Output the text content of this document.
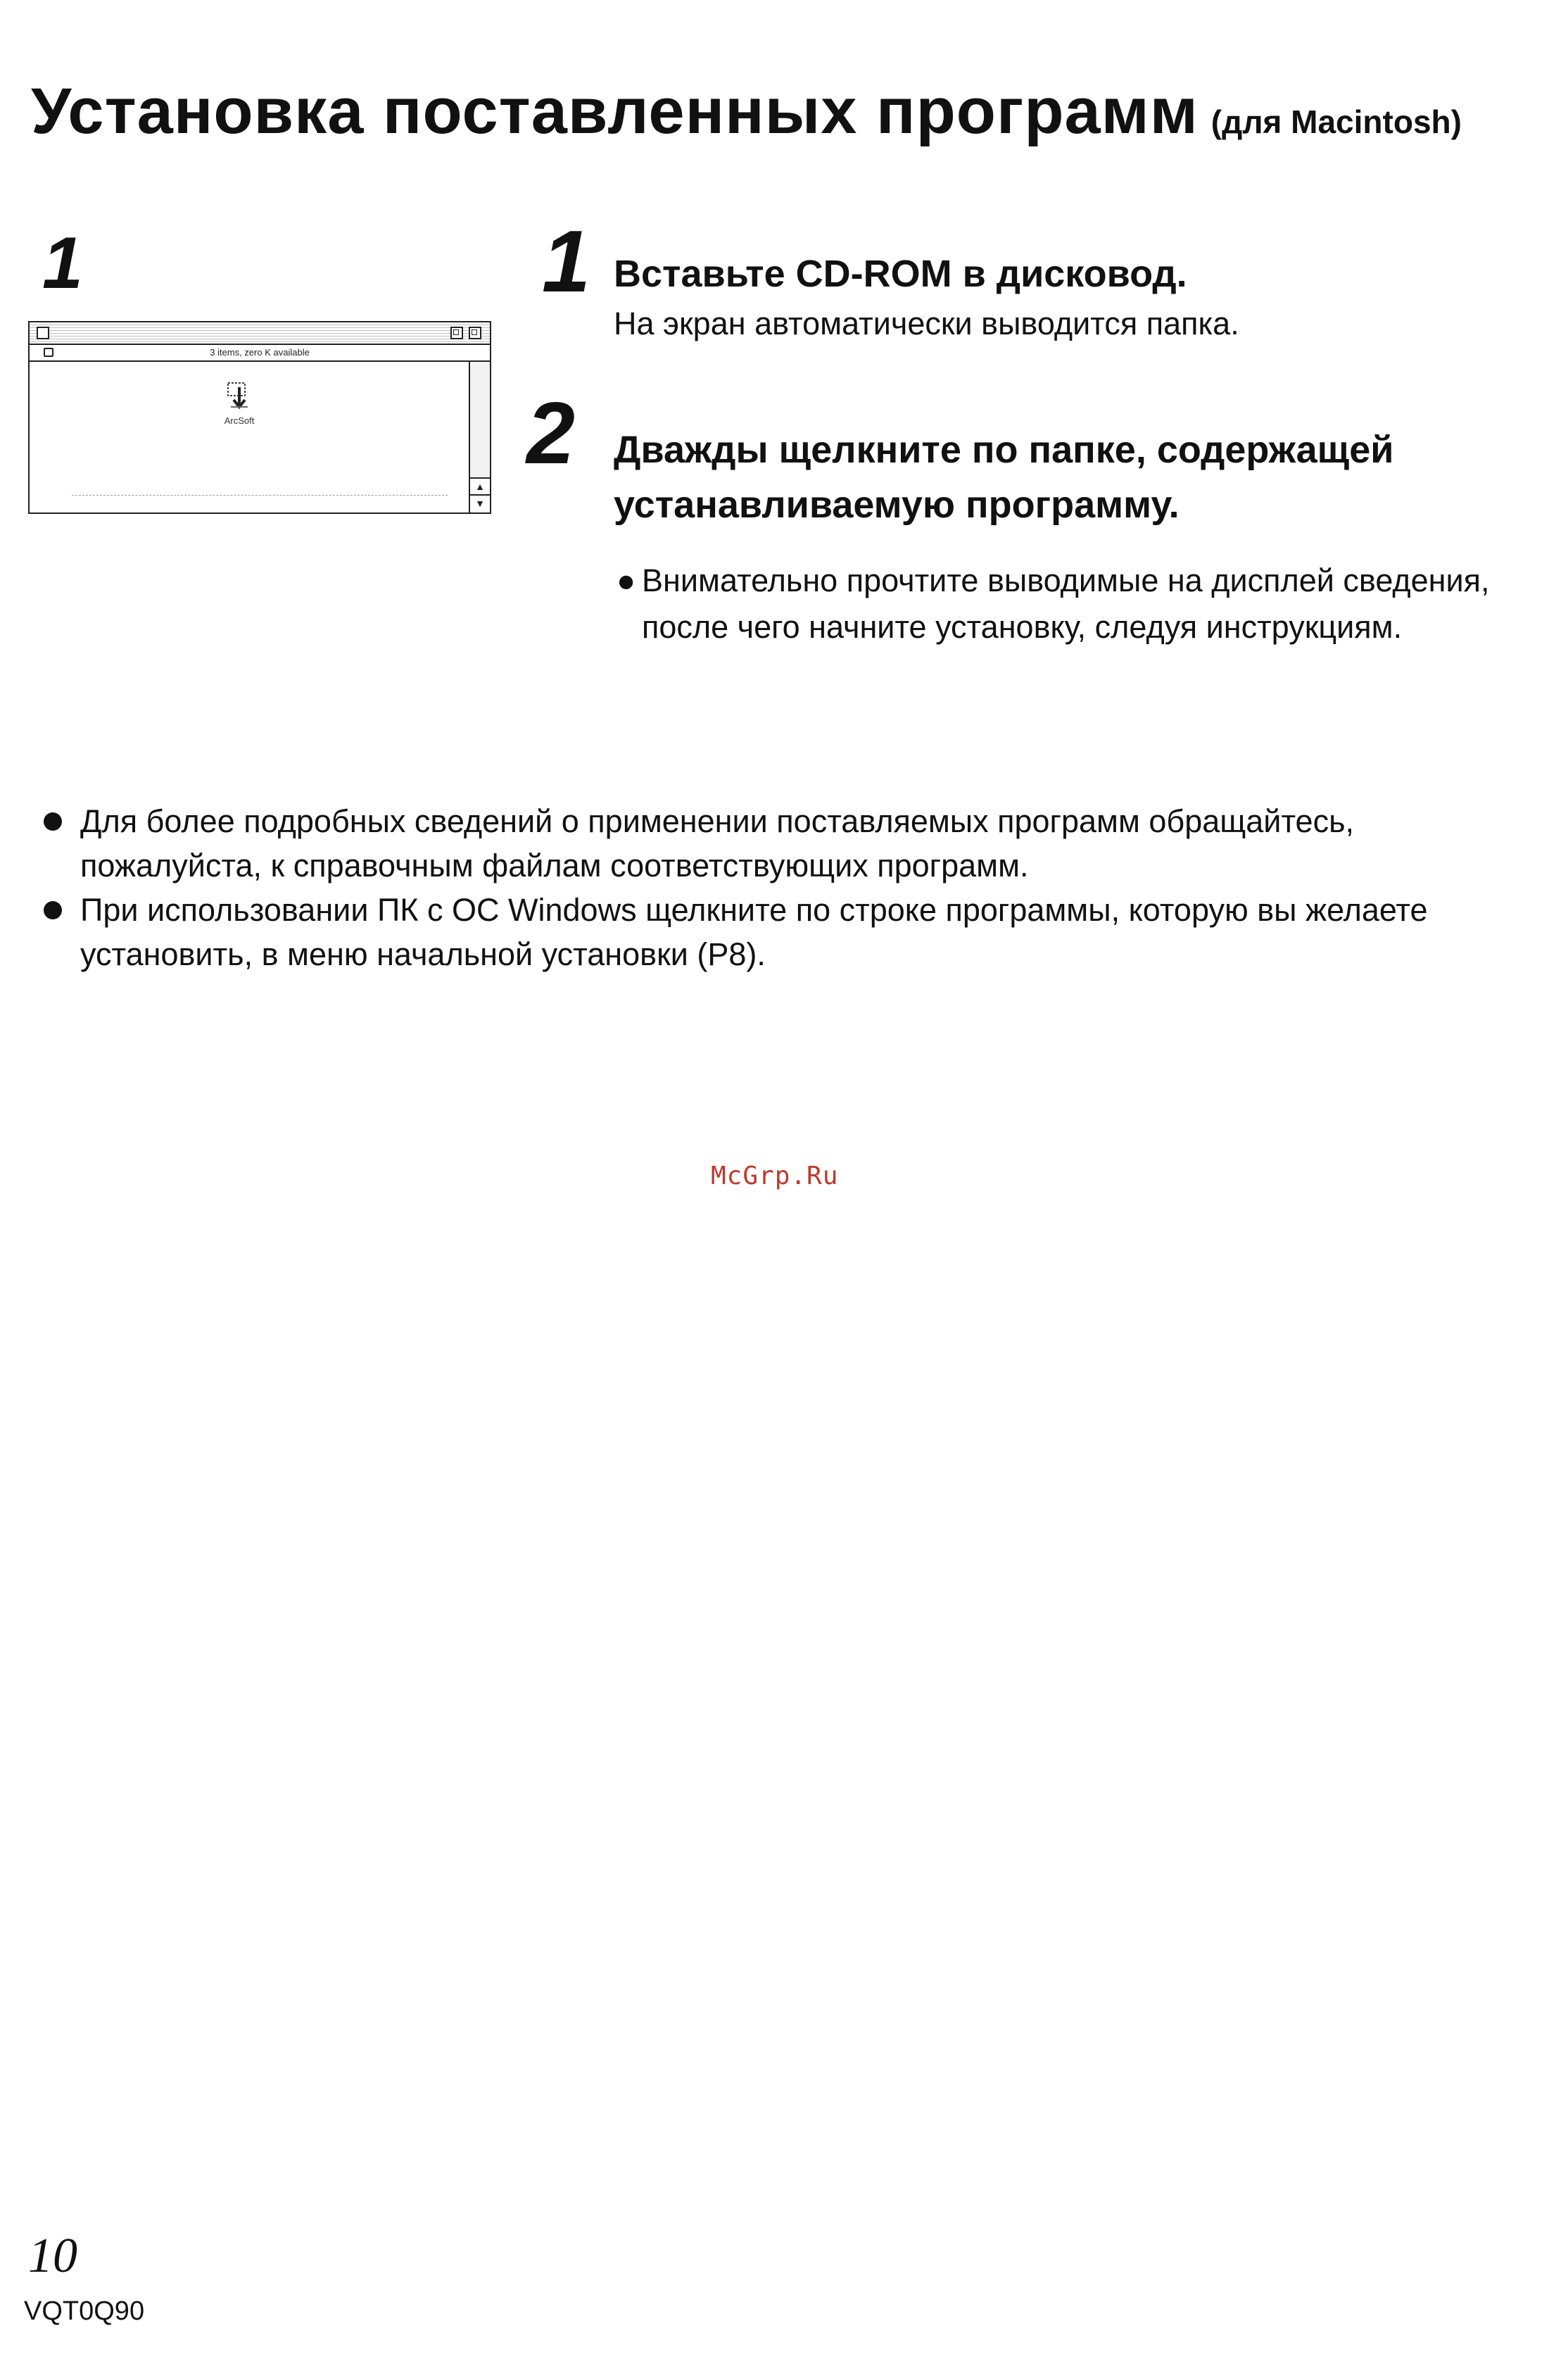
Установка поставленных программ (для Macintosh)
1
3 items, zero K available
ArcSoft
▲
▼
1 Вставьте CD-ROM в дисковод.
На экран автоматически выводится папка.
2 Дважды щелкните по папке, содержащей устанавливаемую программу.
● Внимательно прочтите выводимые на дисплей сведения, после чего начните установку, следуя инструкциям.
Для более подробных сведений о применении поставляемых программ обращайтесь, пожалуйста, к справочным файлам соответствующих программ.
При использовании ПК с ОС Windows щелкните по строке программы, которую вы желаете установить, в меню начальной установки (P8).
McGrp.Ru
10
VQT0Q90
